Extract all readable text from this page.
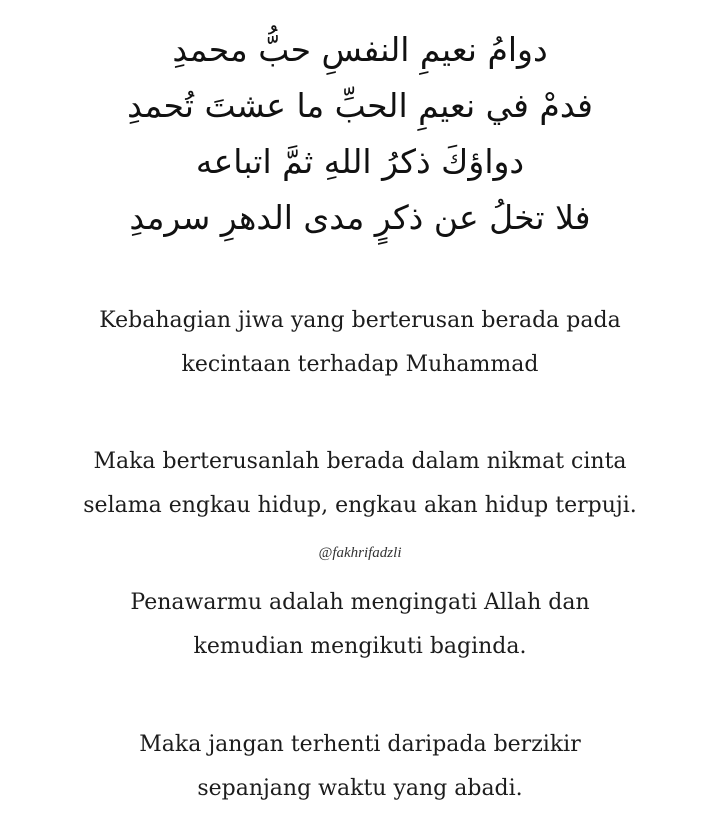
دوامُ نعيمِ النفسِ حبُّ محمدِ
فدمْ في نعيمِ الحبِّ ما عشتَ تُحمدِ
دواؤكَ ذكرُ اللهِ ثمَّ اتباعه
فلا تخلُ عن ذكرٍ مدى الدهرِ سرمدِ
Kebahagian jiwa yang berterusan berada pada
kecintaan terhadap Muhammad
Maka berterusanlah berada dalam nikmat cinta
selama engkau hidup, engkau akan hidup terpuji.
Penawarmu adalah mengingati Allah dan
kemudian mengikuti baginda.
Maka jangan terhenti daripada berzikir
sepanjang waktu yang abadi.
@fakhrifadzli
